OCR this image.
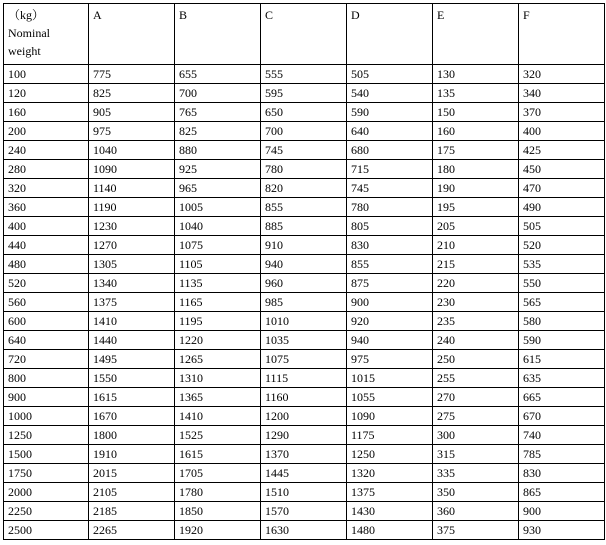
（kg）
Nominal
weight	A	B	C	D	E	F
100	775	655	555	505	130	320
120	825	700	595	540	135	340
160	905	765	650	590	150	370
200	975	825	700	640	160	400
240	1040	880	745	680	175	425
280	1090	925	780	715	180	450
320	1140	965	820	745	190	470
360	1190	1005	855	780	195	490
400	1230	1040	885	805	205	505
440	1270	1075	910	830	210	520
480	1305	1105	940	855	215	535
520	1340	1135	960	875	220	550
560	1375	1165	985	900	230	565
600	1410	1195	1010	920	235	580
640	1440	1220	1035	940	240	590
720	1495	1265	1075	975	250	615
800	1550	1310	1115	1015	255	635
900	1615	1365	1160	1055	270	665
1000	1670	1410	1200	1090	275	670
1250	1800	1525	1290	1175	300	740
1500	1910	1615	1370	1250	315	785
1750	2015	1705	1445	1320	335	830
2000	2105	1780	1510	1375	350	865
2250	2185	1850	1570	1430	360	900
2500	2265	1920	1630	1480	375	930
